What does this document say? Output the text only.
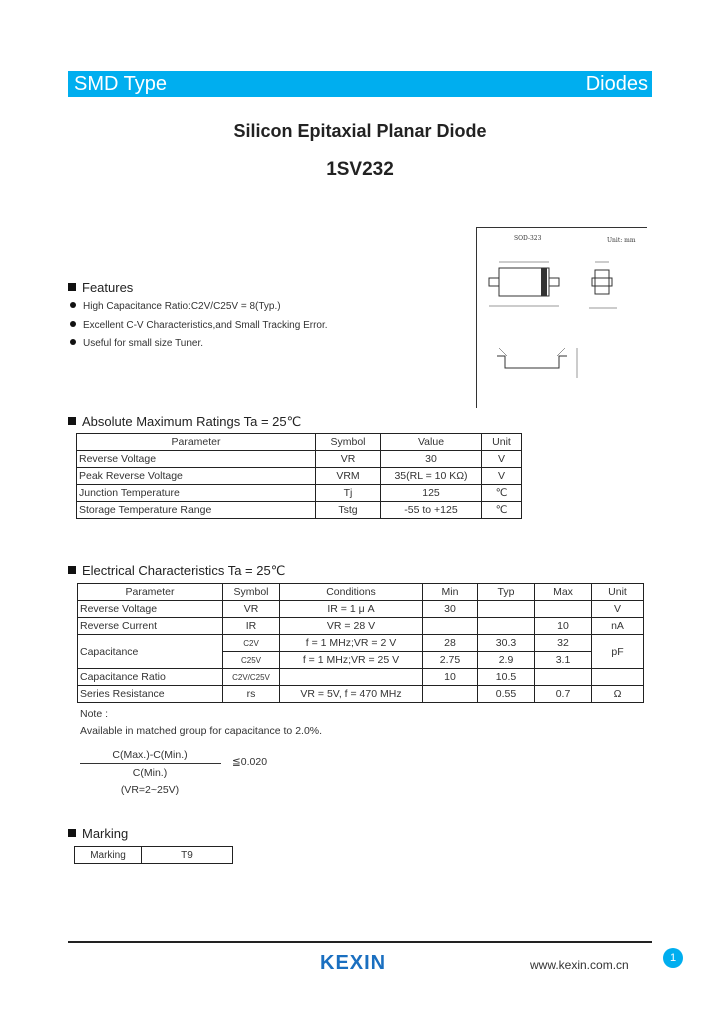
SMD Type	Diodes
Silicon Epitaxial Planar Diode
1SV232
SOD-323	Unit: mm
Features
High Capacitance Ratio:C2V/C25V = 8(Typ.)
Excellent C-V Characteristics,and Small Tracking Error.
Useful for small size Tuner.
Absolute Maximum Ratings Ta = 25℃
Parameter	Symbol	Value	Unit
Reverse Voltage	VR	30	V
Peak Reverse Voltage	VRM	35(RL = 10 KΩ)	V
Junction Temperature	Tj	125	℃
Storage Temperature Range	Tstg	-55 to +125	℃
Electrical Characteristics Ta = 25℃
Parameter	Symbol	Conditions	Min	Typ	Max	Unit
Reverse Voltage	VR	IR = 1 μ A	30			V
Reverse Current	IR	VR = 28 V			10	nA
Capacitance	C2V	f = 1 MHz;VR = 2 V	28	30.3	32	pF
	C25V	f = 1 MHz;VR = 25 V	2.75	2.9	3.1	
Capacitance Ratio	C2V/C25V		10	10.5		
Series Resistance	rs	VR = 5V, f = 470 MHz		0.55	0.7	Ω
Note :
Available in matched group for capacitance to 2.0%.
C(Max.)-C(Min.)
C(Min.)
≦0.020
(VR=2~25V)
Marking
Marking	T9
KEXIN	www.kexin.com.cn	1
